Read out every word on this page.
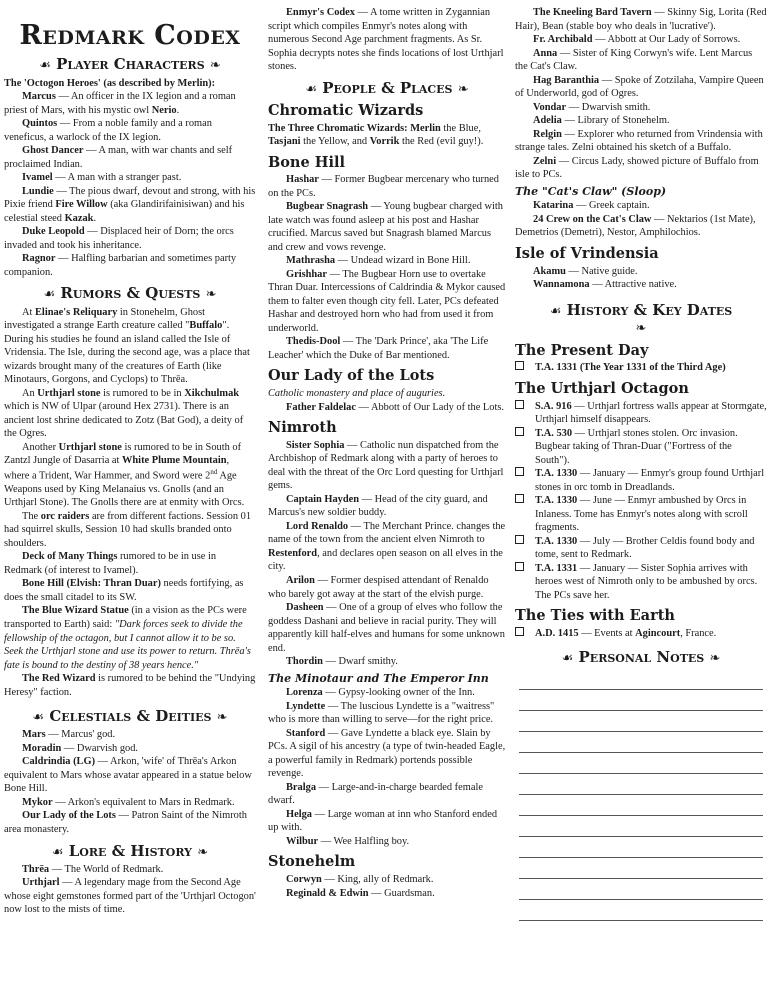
Redmark Codex
☙ Player Characters ❧

The 'Octogon Heroes' (as described by Merlin):

Marcus — An officer in the IX legion and a roman priest of Mars, with his mystic owl Nerio.

Quintos — From a noble family and a roman veneficus, a warlock of the IX legion.

Ghost Dancer — A man, with war chants and self proclaimed Indian.

Ivamel — A man with a stranger past.

Lundie — The pious dwarf, devout and strong, with his Pixie friend Fire Willow (aka Glandirifainisiwan) and his celestial steed Kazak.

Duke Leopold — Displaced heir of Dorn; the orcs invaded and took his inheritance.

Ragnor — Halfling barbarian and sometimes party companion.

☙ Rumors & Quests ❧

At Elinae's Reliquary in Stonehelm, Ghost investigated a strange Earth creature called "Buffalo". During his studies he found an island called the Isle of Vridensia. The Isle, during the second age, was a place that wizards brought many of the creatures of Earth (like Minotaurs, Gorgons, and Cyclops) to Thrēa.

An Urthjarl stone is rumored to be in Xikchulmak which is NW of Ulpar (around Hex 2731). There is an ancient lost shrine dedicated to Zotz (Bat God), a deity of the Ogres.

Another Urthjarl stone is rumored to be in South of Zantzl Jungle of Dasarria at White Plume Mountain, where a Trident, War Hammer, and Sword were 2nd Age Weapons used by King Melanaius vs. Gnolls (and an Urthjarl Stone). The Gnolls there are at enmity with Orcs.

The orc raiders are from different factions. Session 01 had squirrel skulls, Session 10 had skulls branded onto shoulders.

Deck of Many Things rumored to be in use in Redmark (of interest to Ivamel).

Bone Hill (Elvish: Thran Duar) needs fortifying, as does the small citadel to its SW.

The Blue Wizard Statue (in a vision as the PCs were transported to Earth) said: "Dark forces seek to divide the fellowship of the octagon, but I cannot allow it to be so. Seek the Urthjarl stone and use its power to return. Thrēa's fate is bound to the destiny of 38 years hence."

The Red Wizard is rumored to be behind the "Undying Heresy" faction.

☙ Celestials & Deities ❧

Mars — Marcus' god.

Moradin — Dwarvish god.

Caldrindia (LG) — Arkon, 'wife' of Thrēa's Arkon equivalent to Mars whose avatar appeared in a statue below Bone Hill.

Mykor — Arkon's equivalent to Mars in Redmark.

Our Lady of the Lots — Patron Saint of the Nimroth area monastery.

☙ Lore & History ❧

Thrēa — The World of Redmark.

Urthjarl — A legendary mage from the Second Age whose eight gemstones formed part of the 'Urthjarl Octogon' now lost to the mists of time.

Enmyr's Codex — A tome written in Zygannian script which compiles Enmyr's notes along with numerous Second Age parchment fragments. As Sr. Sophia decrypts notes she finds locations of lost Urthjarl stones.

☙ People & Places ❧
Chromatic Wizards

The Three Chromatic Wizards: Merlin the Blue, Tasjani the Yellow, and Vorrik the Red (evil guy!).

Bone Hill

Hashar — Former Bugbear mercenary who turned on the PCs.

Bugbear Snagrash — Young bugbear charged with late watch was found asleep at his post and Hashar crucified. Marcus saved but Snagrash blamed Marcus and crew and vows revenge.

Mathrasha — Undead wizard in Bone Hill.

Grishhar — The Bugbear Horn use to overtake Thran Duar. Intercessions of Caldrindia & Mykor caused them to falter even though city fell. Later, PCs defeated Hashar and destroyed horn who had from used it from underworld.

Thedis-Dool — The 'Dark Prince', aka 'The Life Leacher' which the Duke of Bar mentioned.

Our Lady of the Lots

Catholic monastery and place of auguries.

Father Faldelac — Abbott of Our Lady of the Lots.

Nimroth

Sister Sophia — Catholic nun dispatched from the Archbishop of Redmark along with a party of heroes to deal with the threat of the Orc Lord questing for Urthjarl gems.

Captain Hayden — Head of the city guard, and Marcus's new soldier buddy.

Lord Renaldo — The Merchant Prince. changes the name of the town from the ancient elven Nimroth to Restenford, and declares open season on all elves in the city.

Arilon — Former despised attendant of Renaldo who barely got away at the start of the elvish purge.

Dasheen — One of a group of elves who follow the goddess Dashani and believe in racial purity. They will apparently kill half-elves and humans for some unknown end.

Thordin — Dwarf smithy.

The Minotaur and The Emperor Inn

Lorenza — Gypsy-looking owner of the Inn.

Lyndette — The luscious Lyndette is a "waitress" who is more than willing to serve—for the right price.

Stanford — Gave Lyndette a black eye. Slain by PCs. A sigil of his ancestry (a type of twin-headed Eagle, a powerful family in Redmark) portends possible revenge.

Bralga — Large-and-in-charge bearded female dwarf.

Helga — Large woman at inn who Stanford ended up with.

Wilbur — Wee Halfling boy.

Stonehelm

Corwyn — King, ally of Redmark.

Reginald & Edwin — Guardsman.

The Kneeling Bard Tavern — Skinny Sig, Lorita (Red Hair), Bean (stable boy who deals in 'lucrative').

Fr. Archibald — Abbott at Our Lady of Sorrows.

Anna — Sister of King Corwyn's wife. Lent Marcus the Cat's Claw.

Hag Baranthia — Spoke of Zotzilaha, Vampire Queen of Underworld, god of Ogres.

Vondar — Dwarvish smith.

Adelia — Library of Stonehelm.

Relgin — Explorer who returned from Vrindensia with strange tales. Zelni obtained his sketch of a Buffalo.

Zelni — Circus Lady, showed picture of Buffalo from isle to PCs.

The "Cat's Claw" (Sloop)

Katarina — Greek captain.

24 Crew on the Cat's Claw — Nektarios (1st Mate), Demetrios (Demetri), Nestor, Amphilochios.

Isle of Vrindensia

Akamu — Native guide.

Wannamona — Attractive native.

☙ History & Key Dates
❧
The Present Day

T.A. 1331 (The Year 1331 of the Third Age)

The Urthjarl Octagon

S.A. 916 — Urthjarl fortress walls appear at Stormgate, Urthjarl himself disappears.

T.A. 530 — Urthjarl stones stolen. Orc invasion. Bugbear taking of Thran-Duar ("Fortress of the South").

T.A. 1330 — January — Enmyr's group found Urthjarl stones in orc tomb in Dreadlands.

T.A. 1330 — June — Enmyr ambushed by Orcs in Inlaness. Tome has Enmyr's notes along with scroll fragments.

T.A. 1330 — July — Brother Celdis found body and tome, sent to Redmark.

T.A. 1331 — January — Sister Sophia arrives with heroes west of Nimroth only to be ambushed by orcs. The PCs save her.

The Ties with Earth

A.D. 1415 — Events at Agincourt, France.

☙ Personal Notes ❧
